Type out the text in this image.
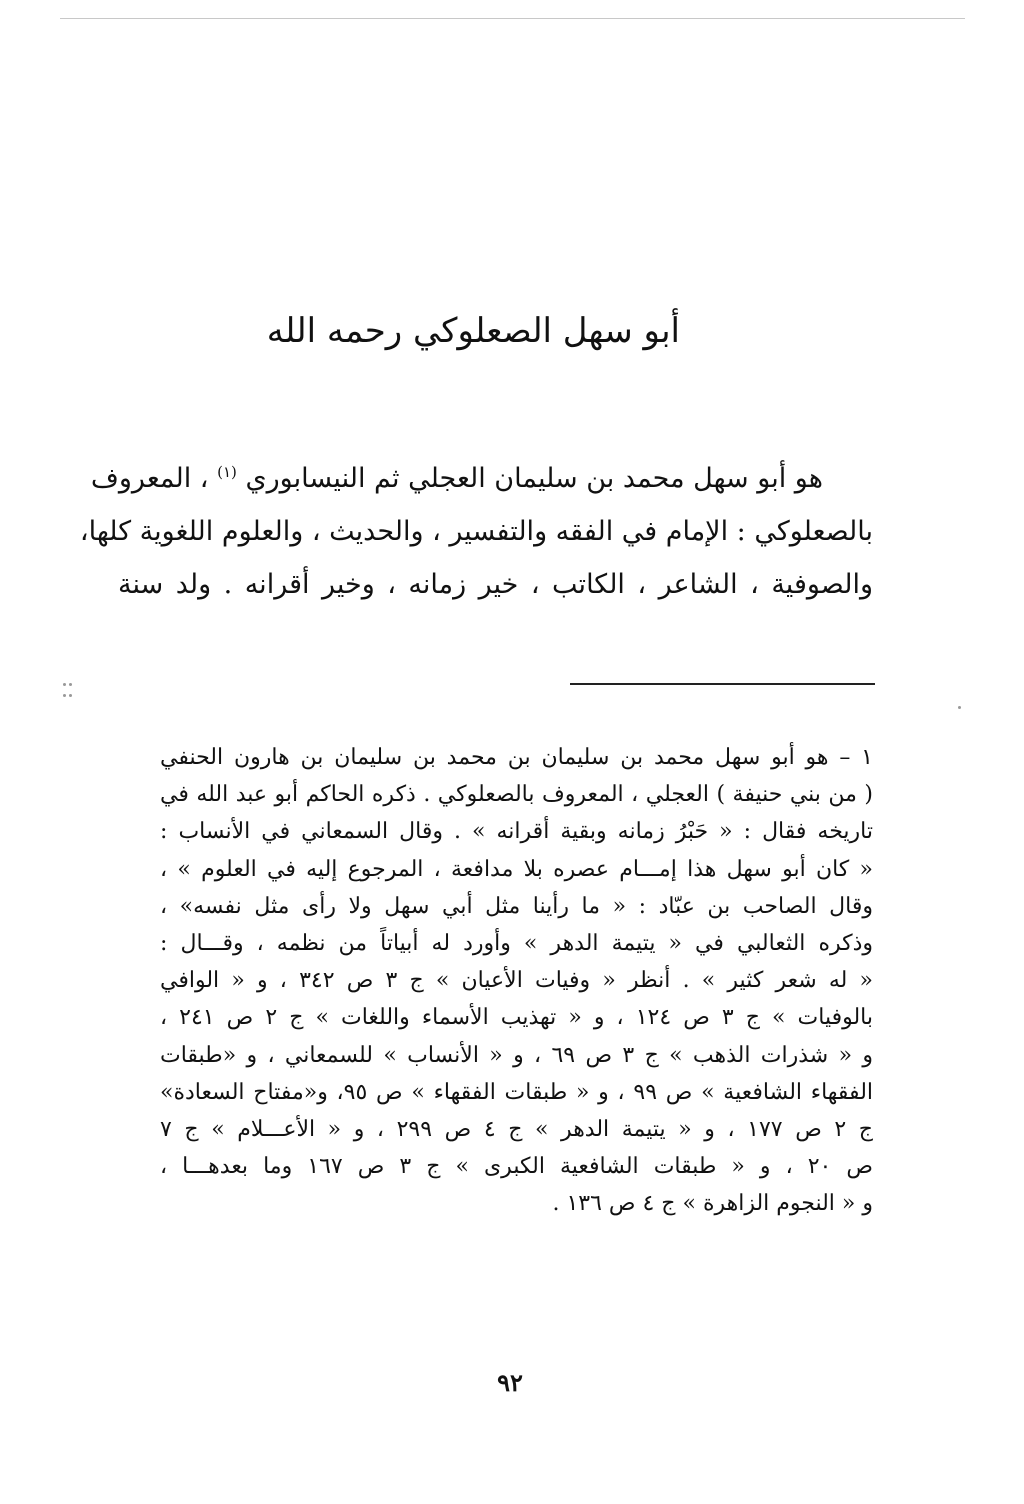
أبو سهل الصعلوكي رحمه الله
هو أبو سهل محمد بن سليمان العجلي ثم النيسابوري $^{(١)}$ ، المعروف
بالصعلوكي : الإمام في الفقه والتفسير ، والحديث ، والعلوم اللغوية كلها،
والصوفية ، الشاعر ، الكاتب ، خير زمانه ، وخير أقرانه . ولد سنة
١ – هو أبو سهل محمد بن سليمان بن محمد بن سليمان بن هارون الحنفي
( من بني حنيفة ) العجلي ، المعروف بالصعلوكي . ذكره الحاكم أبو عبد الله في
تاريخه فقال : « حَبْرُ زمانه وبقية أقرانه » . وقال السمعاني في الأنساب :
« كان أبو سهل هذا إمـــام عصره بلا مدافعة ، المرجوع إليه في العلوم » ،
وقال الصاحب بن عبّاد : « ما رأينا مثل أبي سهل ولا رأى مثل نفسه» ،
وذكره الثعالبي في « يتيمة الدهر » وأورد له أبياتاً من نظمه ، وقـــال :
« له شعر كثير » . أنظر « وفيات الأعيان » ج ٣ ص ٣٤٢ ، و « الوافي
بالوفيات » ج ٣ ص ١٢٤ ، و « تهذيب الأسماء واللغات » ج ٢ ص ٢٤١ ،
و « شذرات الذهب » ج ٣ ص ٦٩ ، و « الأنساب » للسمعاني ، و «طبقات
الفقهاء الشافعية » ص ٩٩ ، و « طبقات الفقهاء » ص ٩٥، و«مفتاح السعادة»
ج ٢ ص ١٧٧ ، و « يتيمة الدهر » ج ٤ ص ٢٩٩ ، و « الأعـــلام » ج ٧
ص ٢٠ ، و « طبقات الشافعية الكبرى » ج ٣ ص ١٦٧ وما بعدهـــا ،
و « النجوم الزاهرة » ج ٤ ص ١٣٦ .

٩٢
